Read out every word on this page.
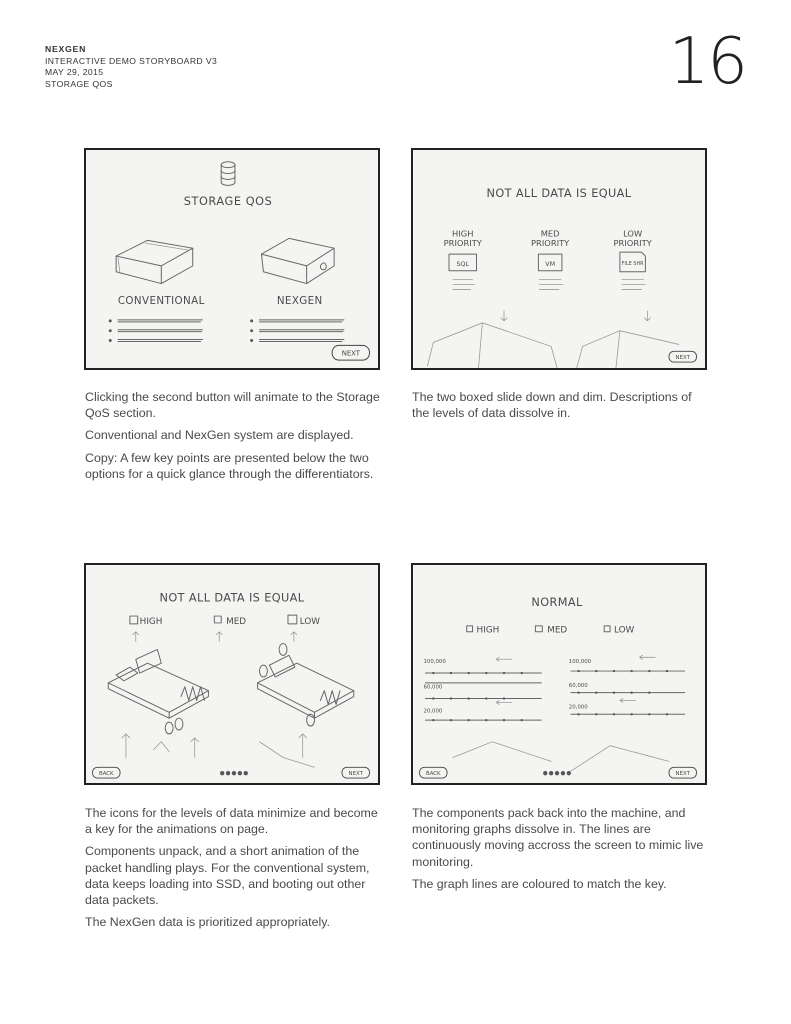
NEXGEN
INTERACTIVE DEMO STORYBOARD V3
MAY 29, 2015
STORAGE QOS	16
STORAGE QOS
CONVENTIONAL	NEXGEN
NEXT

Clicking the second button will animate to the Storage QoS section.

Conventional and NexGen system are displayed.

Copy: A few key points are presented below the two options for a quick glance through the differentiators.

NOT ALL DATA IS EQUAL
HIGH
PRIORITY
MED
PRIORITY
LOW
PRIORITY
SQL	VM	FILE SHR
NEXT

The two boxed slide down and dim. Descriptions of the levels of data dissolve in.

NOT ALL DATA IS EQUAL
HIGH	MED	LOW
BACK	NEXT

The icons for the levels of data minimize and become a key for the animations on page.

Components unpack, and a short animation of the packet handling plays. For the conventional system, data keeps loading into SSD, and booting out other data packets.

The NexGen data is prioritized appropriately.

NORMAL
HIGH	MED	LOW
100,000
60,000
20,000
100,000
60,000
20,000
BACK	NEXT

The components pack back into the machine, and monitoring graphs dissolve in. The lines are continuously moving accross the screen to mimic live monitoring.

The graph lines are coloured to match the key.
